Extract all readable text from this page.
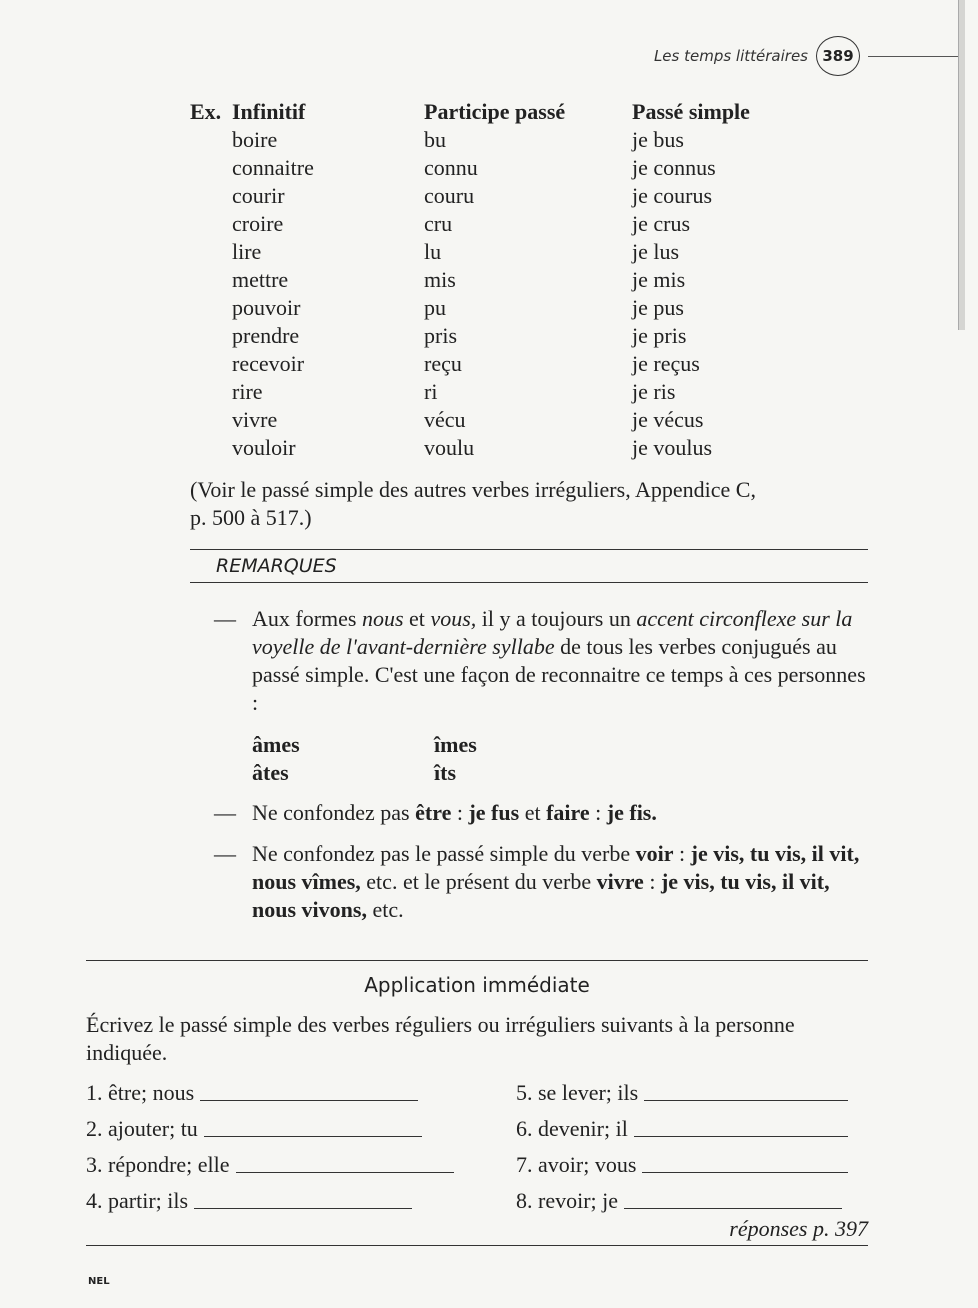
Les temps littéraires 389
Ex. Infinitif	Participe passé	Passé simple
boire	bu	je bus
connaitre	connu	je connus
courir	couru	je courus
croire	cru	je crus
lire	lu	je lus
mettre	mis	je mis
pouvoir	pu	je pus
prendre	pris	je pris
recevoir	reçu	je reçus
rire	ri	je ris
vivre	vécu	je vécus
vouloir	voulu	je voulus
(Voir le passé simple des autres verbes irréguliers, Appendice C,
p. 500 à 517.)
REMARQUES
— Aux formes nous et vous, il y a toujours un accent circonflexe sur la voyelle de l'avant-dernière syllabe de tous les verbes conjugués au passé simple. C'est une façon de reconnaitre ce temps à ces personnes :
âmes	îmes
âtes	îts
— Ne confondez pas être : je fus et faire : je fis.
— Ne confondez pas le passé simple du verbe voir : je vis, tu vis, il vit, nous vîmes, etc. et le présent du verbe vivre : je vis, tu vis, il vit, nous vivons, etc.
Application immédiate
Écrivez le passé simple des verbes réguliers ou irréguliers suivants à la personne indiquée.
1. être; nous
2. ajouter; tu
3. répondre; elle
4. partir; ils
5. se lever; ils
6. devenir; il
7. avoir; vous
8. revoir; je
réponses p. 397
NEL
